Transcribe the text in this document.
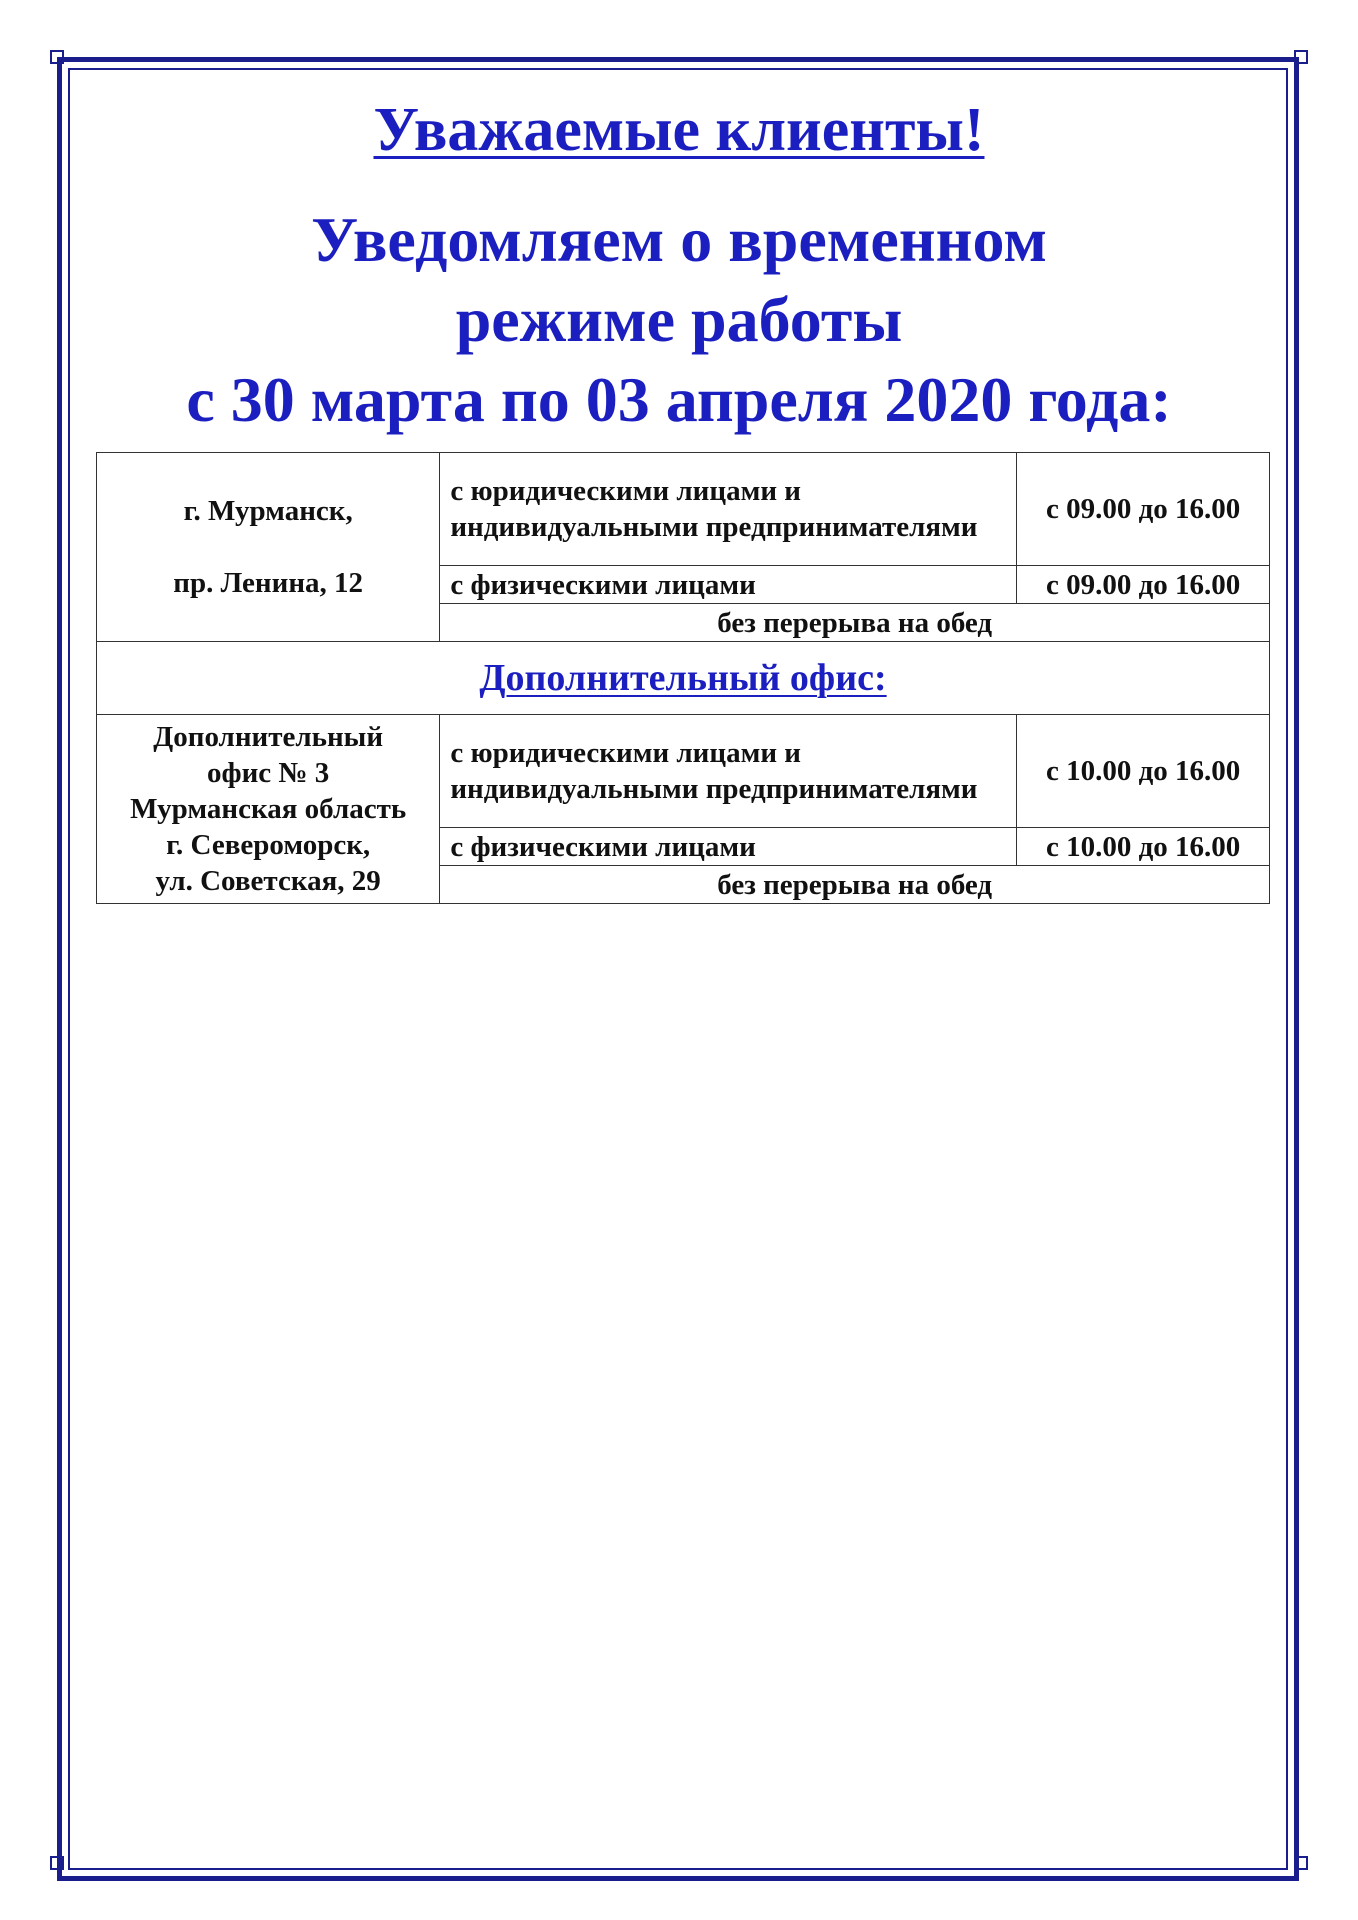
Уважаемые клиенты!
Уведомляем о временном
режиме работы
с 30 марта по 03 апреля 2020 года:
г. Мурманск,
пр. Ленина, 12	с юридическими лицами и индивидуальными предпринимателями	с 09.00 до 16.00
	с физическими лицами	с 09.00 до 16.00
	без перерыва на обед	
Дополнительный офис:		

Дополнительный
офис № 3
Мурманская область
г. Североморск,
ул. Советская, 29	с юридическими лицами и индивидуальными предпринимателями	с 10.00 до 16.00
	с физическими лицами	с 10.00 до 16.00
	без перерыва на обед	
